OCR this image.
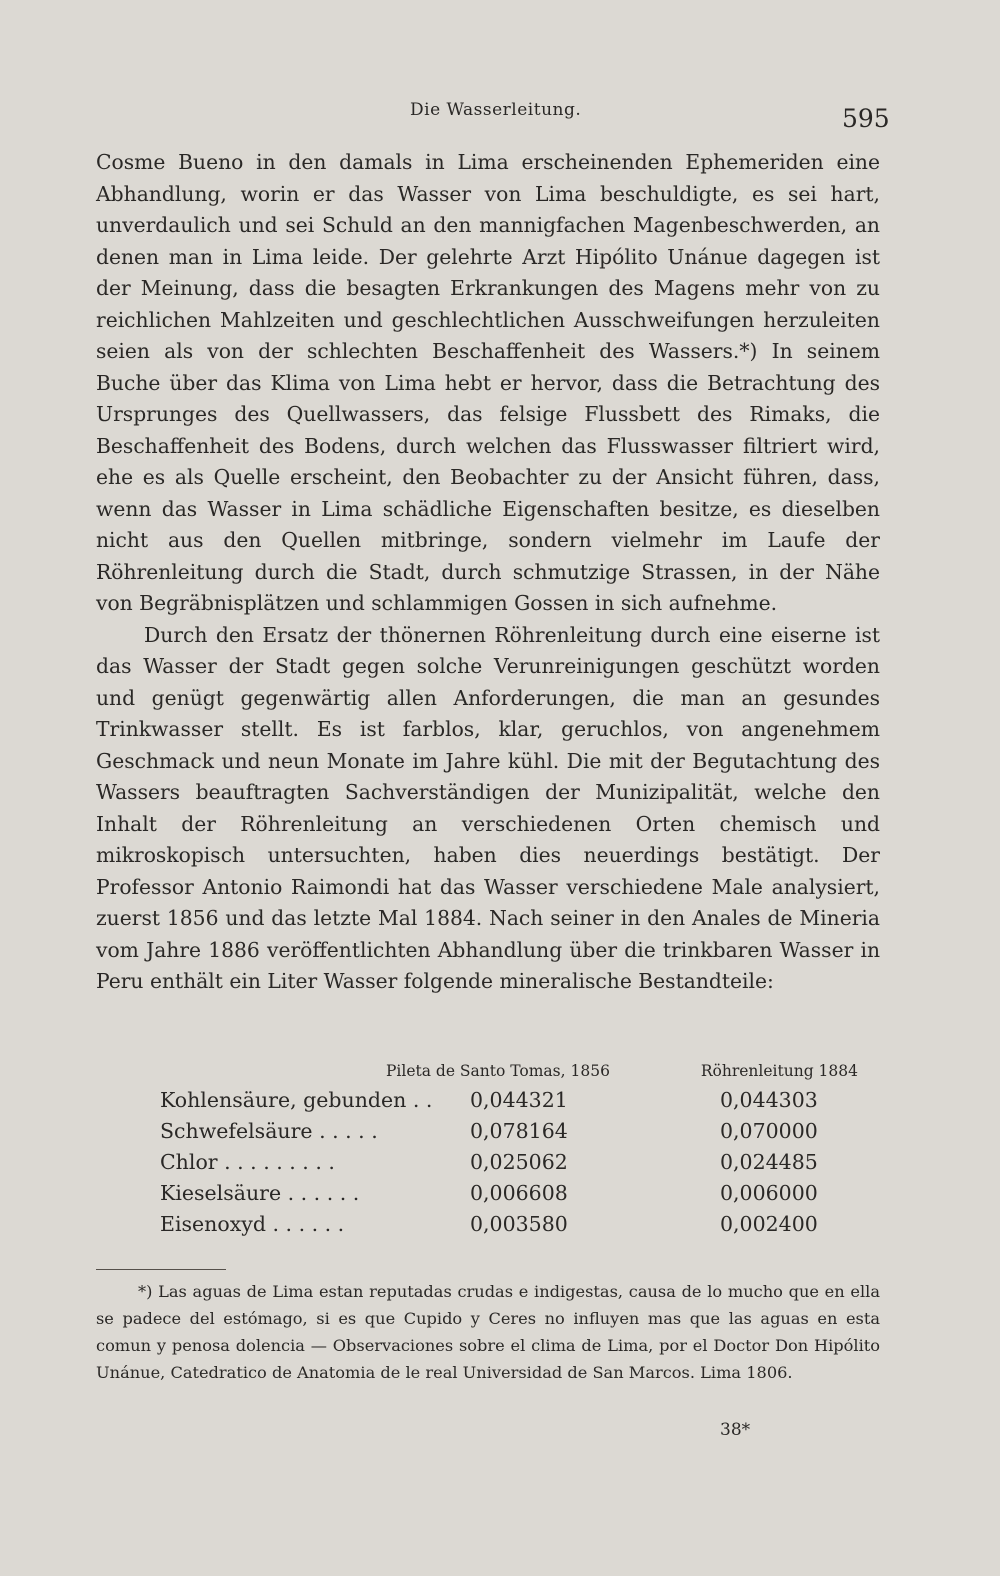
Die Wasserleitung.	595

Cosme Bueno in den damals in Lima erscheinenden Ephemeriden eine Abhandlung, worin er das Wasser von Lima beschuldigte, es sei hart, unverdaulich und sei Schuld an den mannigfachen Magenbeschwerden, an denen man in Lima leide. Der gelehrte Arzt Hipólito Unánue dagegen ist der Meinung, dass die besagten Erkrankungen des Magens mehr von zu reichlichen Mahlzeiten und geschlechtlichen Ausschweifungen herzuleiten seien als von der schlechten Beschaffenheit des Wassers.*) In seinem Buche über das Klima von Lima hebt er hervor, dass die Betrachtung des Ursprunges des Quellwassers, das felsige Flussbett des Rimaks, die Beschaffenheit des Bodens, durch welchen das Flusswasser filtriert wird, ehe es als Quelle erscheint, den Beobachter zu der Ansicht führen, dass, wenn das Wasser in Lima schädliche Eigenschaften besitze, es dieselben nicht aus den Quellen mitbringe, sondern vielmehr im Laufe der Röhrenleitung durch die Stadt, durch schmutzige Strassen, in der Nähe von Begräbnisplätzen und schlammigen Gossen in sich aufnehme.

Durch den Ersatz der thönernen Röhrenleitung durch eine eiserne ist das Wasser der Stadt gegen solche Verunreinigungen geschützt worden und genügt gegenwärtig allen Anforderungen, die man an gesundes Trinkwasser stellt. Es ist farblos, klar, geruchlos, von angenehmem Geschmack und neun Monate im Jahre kühl. Die mit der Begutachtung des Wassers beauftragten Sachverständigen der Munizipalität, welche den Inhalt der Röhrenleitung an verschiedenen Orten chemisch und mikroskopisch untersuchten, haben dies neuerdings bestätigt. Der Professor Antonio Raimondi hat das Wasser verschiedene Male analysiert, zuerst 1856 und das letzte Mal 1884. Nach seiner in den Anales de Mineria vom Jahre 1886 veröffentlichten Abhandlung über die trinkbaren Wasser in Peru enthält ein Liter Wasser folgende mineralische Bestandteile:

Pileta de Santo Tomas, 1856	Röhrenleitung 1884
Kohlensäure, gebunden . .	0,044321	0,044303
Schwefelsäure . . . . .	0,078164	0,070000
Chlor . . . . . . . . .	0,025062	0,024485
Kieselsäure . . . . . .	0,006608	0,006000
Eisenoxyd . . . . . .	0,003580	0,002400

*) Las aguas de Lima estan reputadas crudas e indigestas, causa de lo mucho que en ella se padece del estómago, si es que Cupido y Ceres no influyen mas que las aguas en esta comun y penosa dolencia — Observaciones sobre el clima de Lima, por el Doctor Don Hipólito Unánue, Catedratico de Anatomia de le real Universidad de San Marcos. Lima 1806.

38*
